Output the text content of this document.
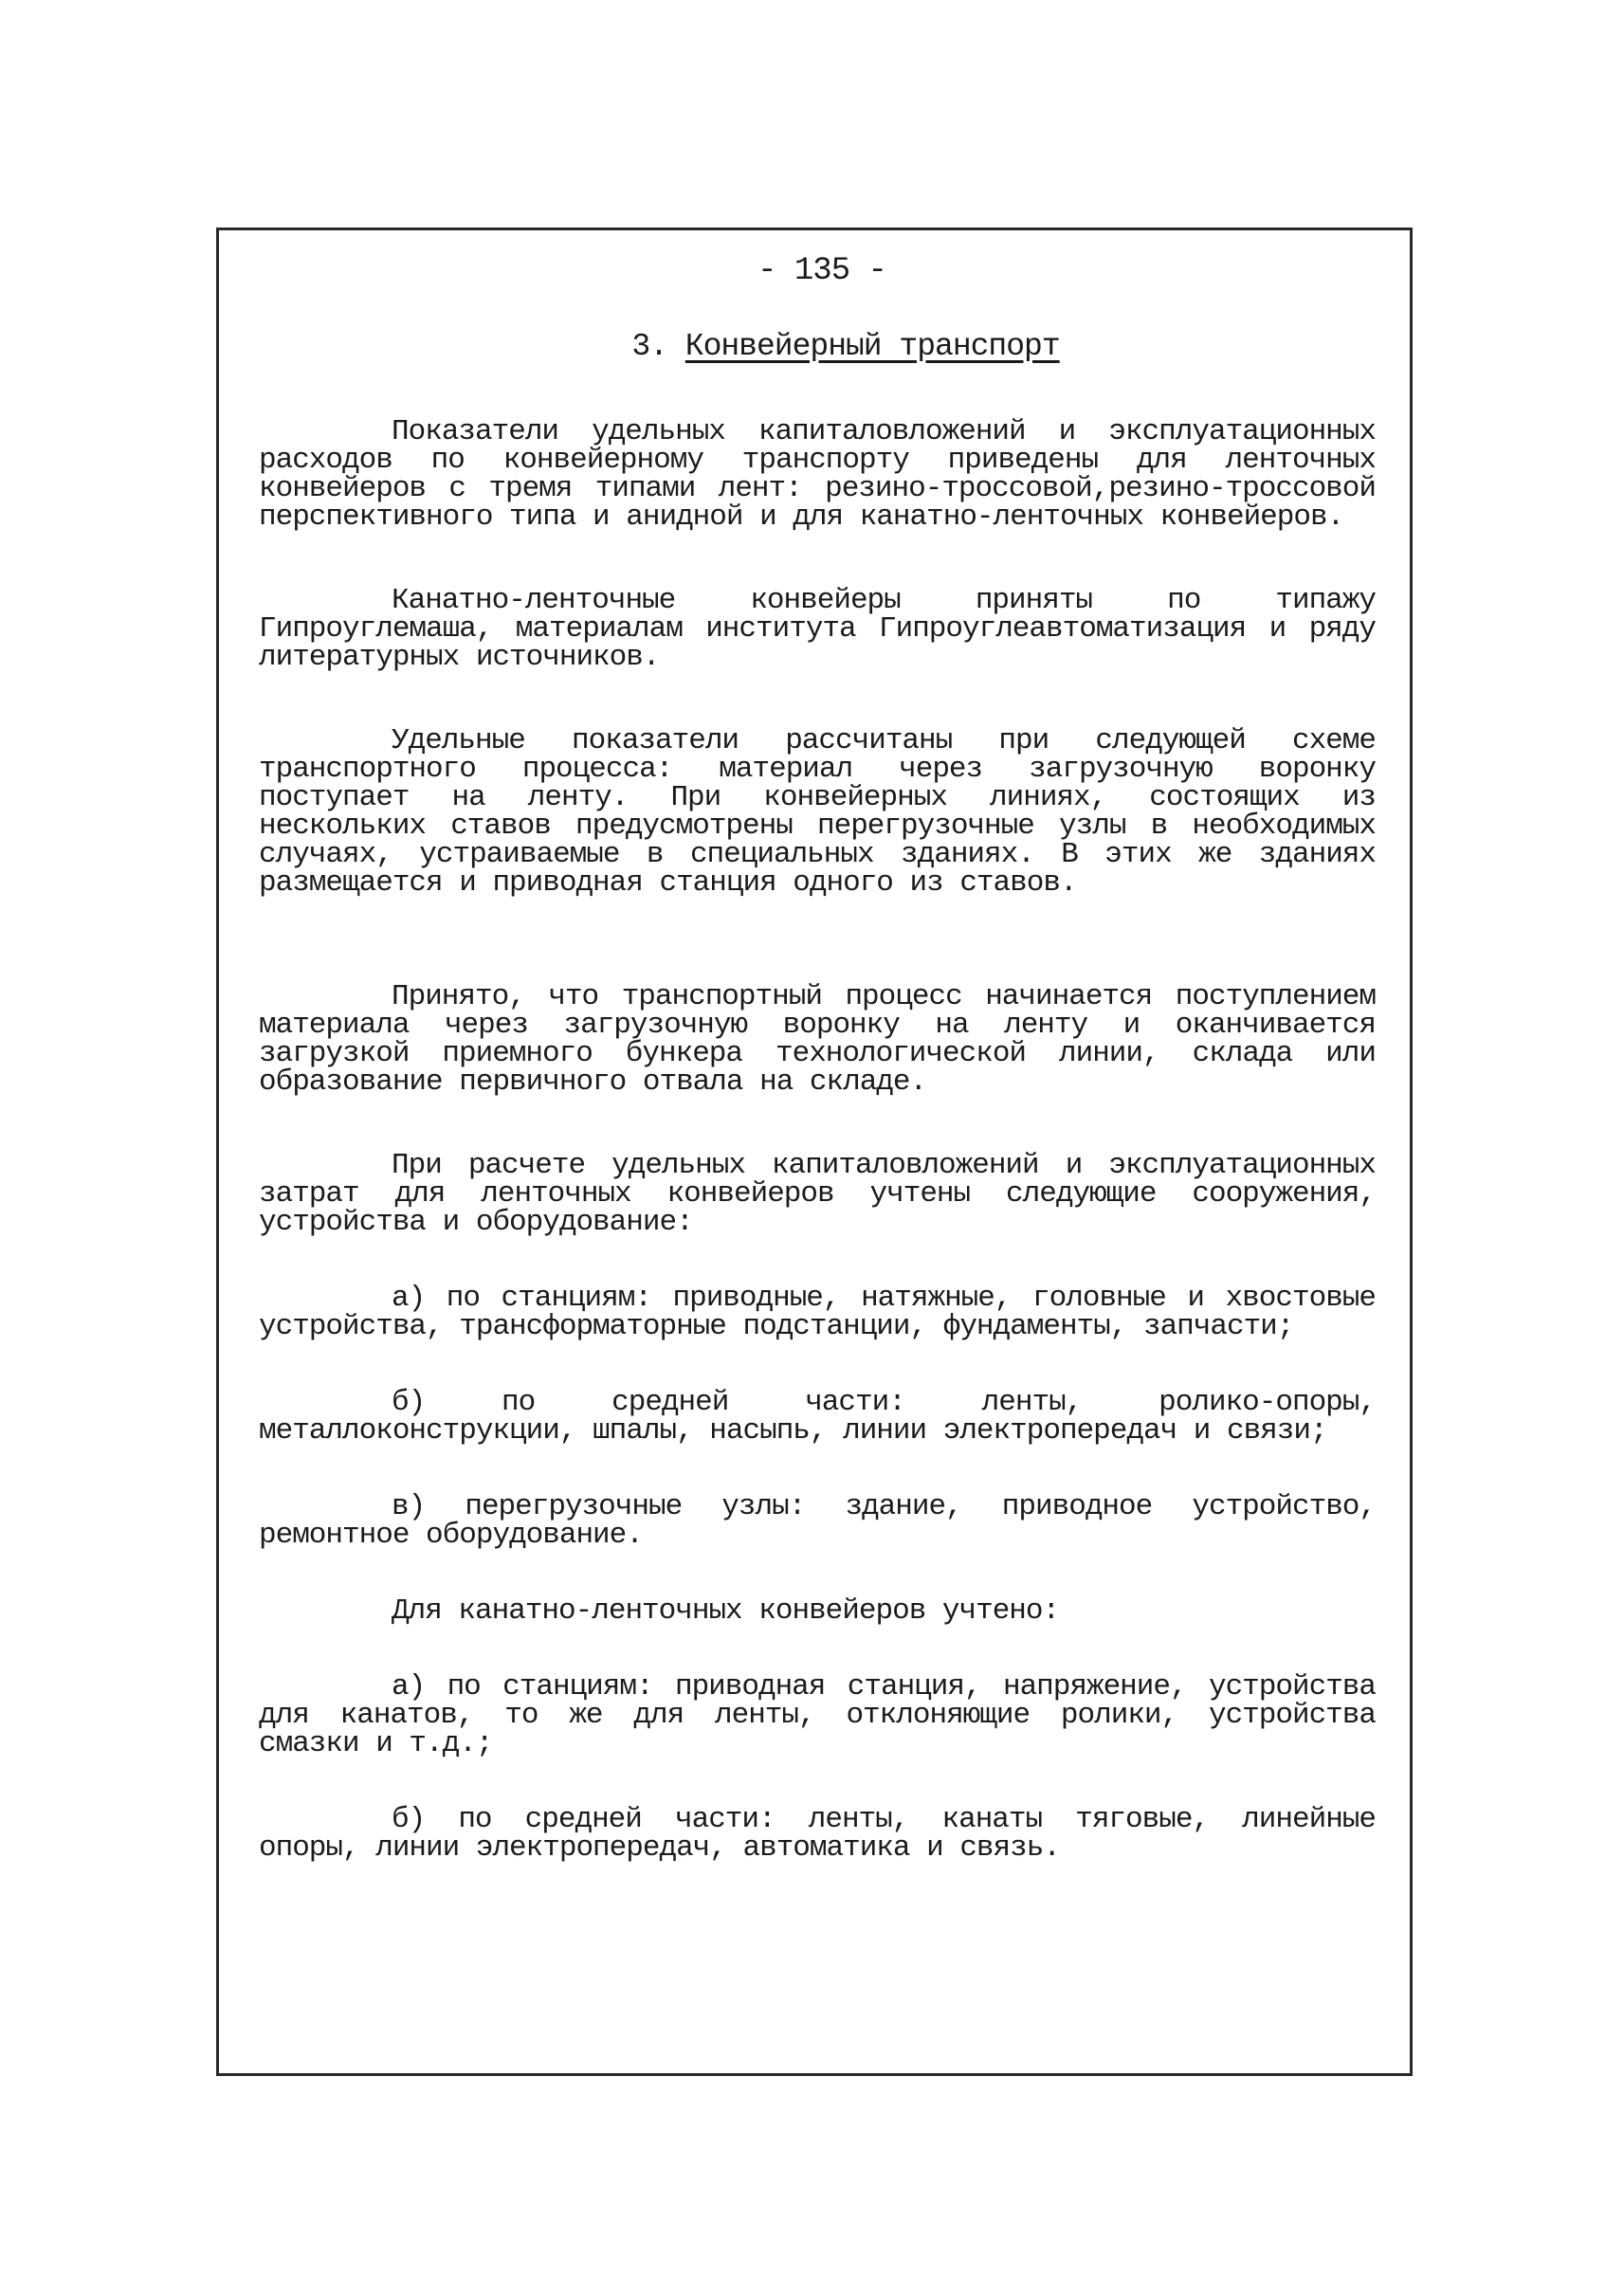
- 135 -
3. Конвейерный транспорт

Показатели удельных капиталовложений и эксплуатационных расходов по конвейерному транспорту приведены для ленточных конвейеров с тремя типами лент: резино-троссовой,резино-троссовой перспективного типа и анидной и для канатно-ленточных конвейеров.

Канатно-ленточные конвейеры приняты по типажу Гипроуглемаша, материалам института Гипроуглеавтоматизация и ряду литературных источников.

Удельные показатели рассчитаны при следующей схеме транспортного процесса: материал через загрузочную воронку поступает на ленту. При конвейерных линиях, состоящих из нескольких ставов предусмотрены перегрузочные узлы в необходимых случаях, устраиваемые в специальных зданиях. В этих же зданиях размещается и приводная станция одного из ставов.

Принято, что транспортный процесс начинается поступлением материала через загрузочную воронку на ленту и оканчивается загрузкой приемного бункера технологической линии, склада или образование первичного отвала на складе.

При расчете удельных капиталовложений и эксплуатационных затрат для ленточных конвейеров учтены следующие сооружения, устройства и оборудование:

а) по станциям: приводные, натяжные, головные и хвостовые устройства, трансформаторные подстанции, фундаменты, запчасти;

б) по средней части: ленты, ролико-опоры, металлоконструкции, шпалы, насыпь, линии электропередач и связи;

в) перегрузочные узлы: здание, приводное устройство, ремонтное оборудование.

Для канатно-ленточных конвейеров учтено:

а) по станциям: приводная станция, напряжение, устройства для канатов, то же для ленты, отклоняющие ролики, устройства смазки и т.д.;

б) по средней части: ленты, канаты тяговые, линейные опоры, линии электропередач, автоматика и связь.
